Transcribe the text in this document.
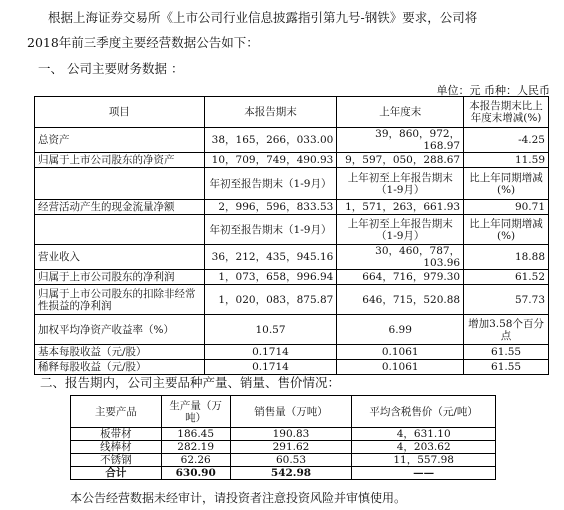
根据上海证券交易所《上市公司行业信息披露指引第九号-钢铁》要求，公司将
2018年前三季度主要经营数据公告如下：
一、 公司主要财务数据 ：
单位：元 币种：人民币
项目	本报告期末	上年度末	本报告期末比上年度末增减(%)
总资产	38，165，266，033.00	39，860，972，168.97	-4.25
归属于上市公司股东的净资产	10，709，749，490.93	9，597，050，288.67	11.59
	年初至报告期末（1-9月）	上年初至上年报告期末（1-9月）	比上年同期增减(%)
经营活动产生的现金流量净额	2，996，596，833.53	1，571，263，661.93	90.71
	年初至报告期末（1-9月）	上年初至上年报告期末（1-9月）	比上年同期增减(%)
营业收入	36，212，435，945.16	30，460，787，103.96	18.88
归属于上市公司股东的净利润	1，073，658，996.94	664，716，979.30	61.52
归属于上市公司股东的扣除非经常性损益的净利润	1，020，083，875.87	646，715，520.88	57.73
加权平均净资产收益率（%）	10.57	6.99	增加3.58个百分点
基本每股收益（元/股）	0.1714	0.1061	61.55
稀释每股收益（元/股）	0.1714	0.1061	61.55
二、报告期内，公司主要品种产量、销量、售价情况：
主要产品	生产量（万吨）	销售量（万吨）	平均含税售价（元/吨）
板带材	186.45	190.83	4，631.10
线棒材	282.19	291.62	4，203.62
不锈钢	62.26	60.53	11，557.98
合计	630.90	542.98	——
本公告经营数据未经审计，请投资者注意投资风险并审慎使用。
